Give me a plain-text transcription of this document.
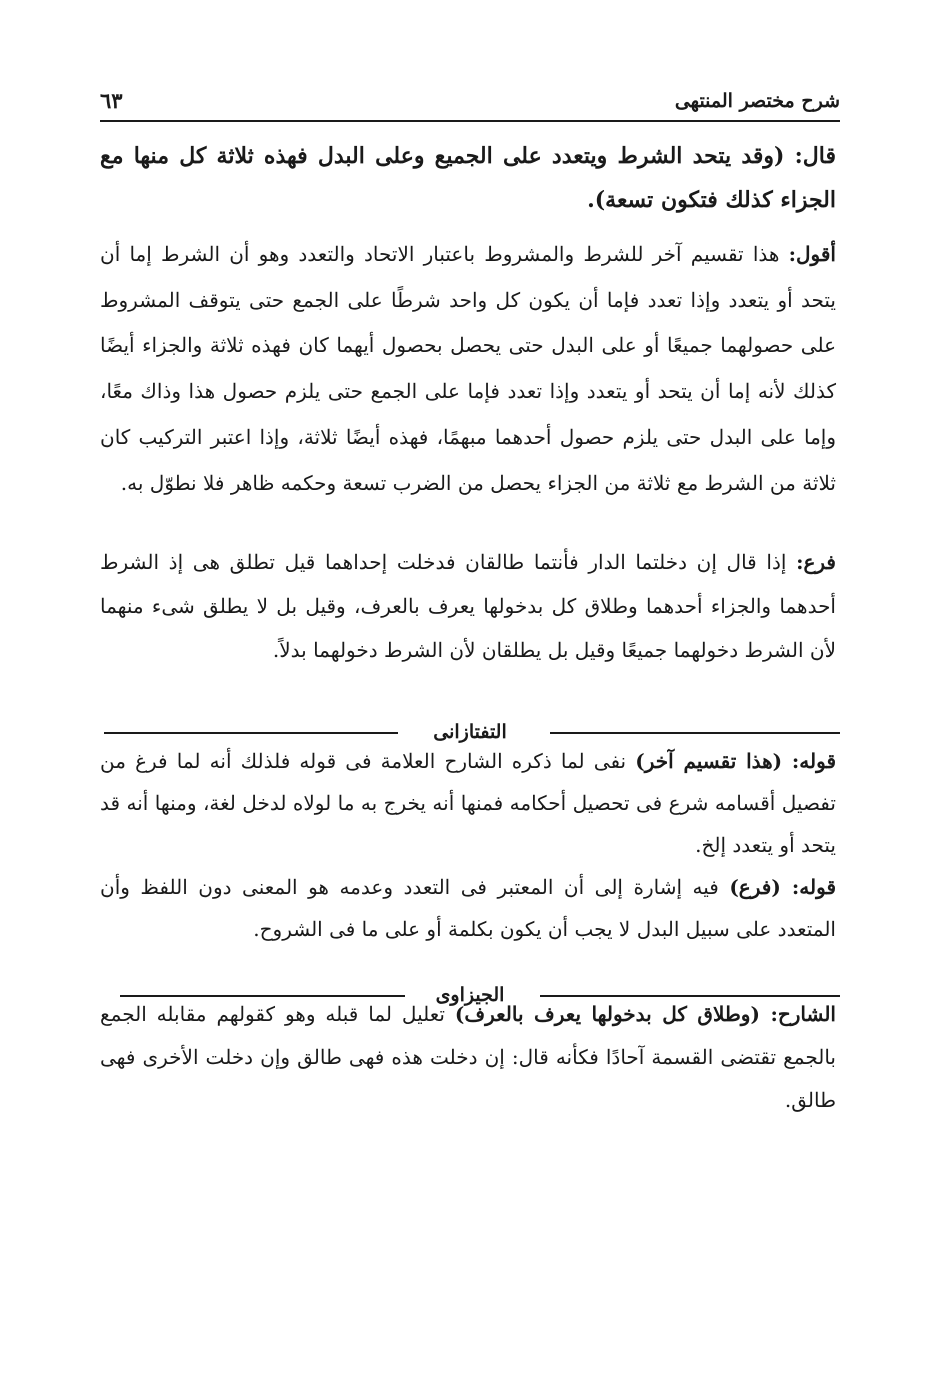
٦٣	شرح مختصر المنتهى

قال: (وقد يتحد الشرط ويتعدد على الجميع وعلى البدل فهذه ثلاثة كل منها مع الجزاء كذلك فتكون تسعة).

أقول: هذا تقسيم آخر للشرط والمشروط باعتبار الاتحاد والتعدد وهو أن الشرط إما أن يتحد أو يتعدد وإذا تعدد فإما أن يكون كل واحد شرطًا على الجمع حتى يتوقف المشروط على حصولهما جميعًا أو على البدل حتى يحصل بحصول أيهما كان فهذه ثلاثة والجزاء أيضًا كذلك لأنه إما أن يتحد أو يتعدد وإذا تعدد فإما على الجمع حتى يلزم حصول هذا وذاك معًا، وإما على البدل حتى يلزم حصول أحدهما مبهمًا، فهذه أيضًا ثلاثة، وإذا اعتبر التركيب كان ثلاثة من الشرط مع ثلاثة من الجزاء يحصل من الضرب تسعة وحكمه ظاهر فلا نطوّل به.

فرع: إذا قال إن دخلتما الدار فأنتما طالقان فدخلت إحداهما قيل تطلق هى إذ الشرط أحدهما والجزاء أحدهما وطلاق كل بدخولها يعرف بالعرف، وقيل بل لا يطلق شىء منهما لأن الشرط دخولهما جميعًا وقيل بل يطلقان لأن الشرط دخولهما بدلاً.

التفتازانى

قوله: (هذا تقسيم آخر) نفى لما ذكره الشارح العلامة فى قوله فلذلك أنه لما فرغ من تفصيل أقسامه شرع فى تحصيل أحكامه فمنها أنه يخرج به ما لولاه لدخل لغة، ومنها أنه قد يتحد أو يتعدد إلخ.

قوله: (فرع) فيه إشارة إلى أن المعتبر فى التعدد وعدمه هو المعنى دون اللفظ وأن المتعدد على سبيل البدل لا يجب أن يكون بكلمة أو على ما فى الشروح.

الجيزاوى

الشارح: (وطلاق كل بدخولها يعرف بالعرف) تعليل لما قبله وهو كقولهم مقابله الجمع بالجمع تقتضى القسمة آحادًا فكأنه قال: إن دخلت هذه فهى طالق وإن دخلت الأخرى فهى طالق.
